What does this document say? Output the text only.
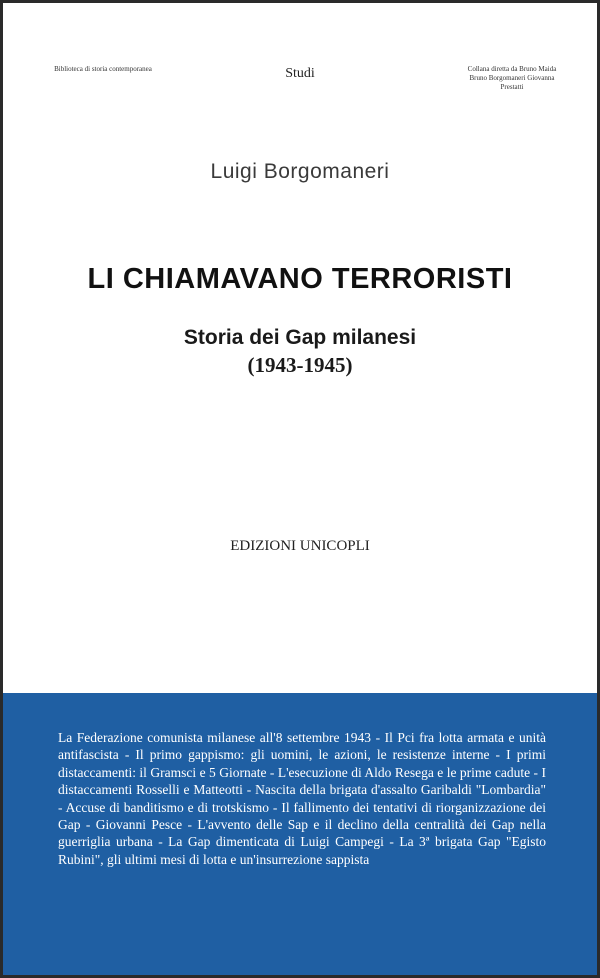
Biblioteca di storia contemporanea	Studi	Collana diretta da Bruno Maida Bruno Borgomaneri Giovanna Prestatti
Luigi Borgomaneri
LI CHIAMAVANO TERRORISTI
Storia dei Gap milanesi
(1943-1945)
EDIZIONI UNICOPLI
La Federazione comunista milanese all'8 settembre 1943 - Il Pci fra lotta armata e unità antifascista - Il primo gappismo: gli uomini, le azioni, le resistenze interne - I primi distaccamenti: il Gramsci e 5 Giornate - L'esecuzione di Aldo Resega e le prime cadute - I distaccamenti Rosselli e Matteotti - Nascita della brigata d'assalto Garibaldi "Lombardia" - Accuse di banditismo e di trotskismo - Il fallimento dei tentativi di riorganizzazione dei Gap - Giovanni Pesce - L'avvento delle Sap e il declino della centralità dei Gap nella guerriglia urbana - La Gap dimenticata di Luigi Campegi - La 3ª brigata Gap "Egisto Rubini", gli ultimi mesi di lotta e un'insurrezione sappista
